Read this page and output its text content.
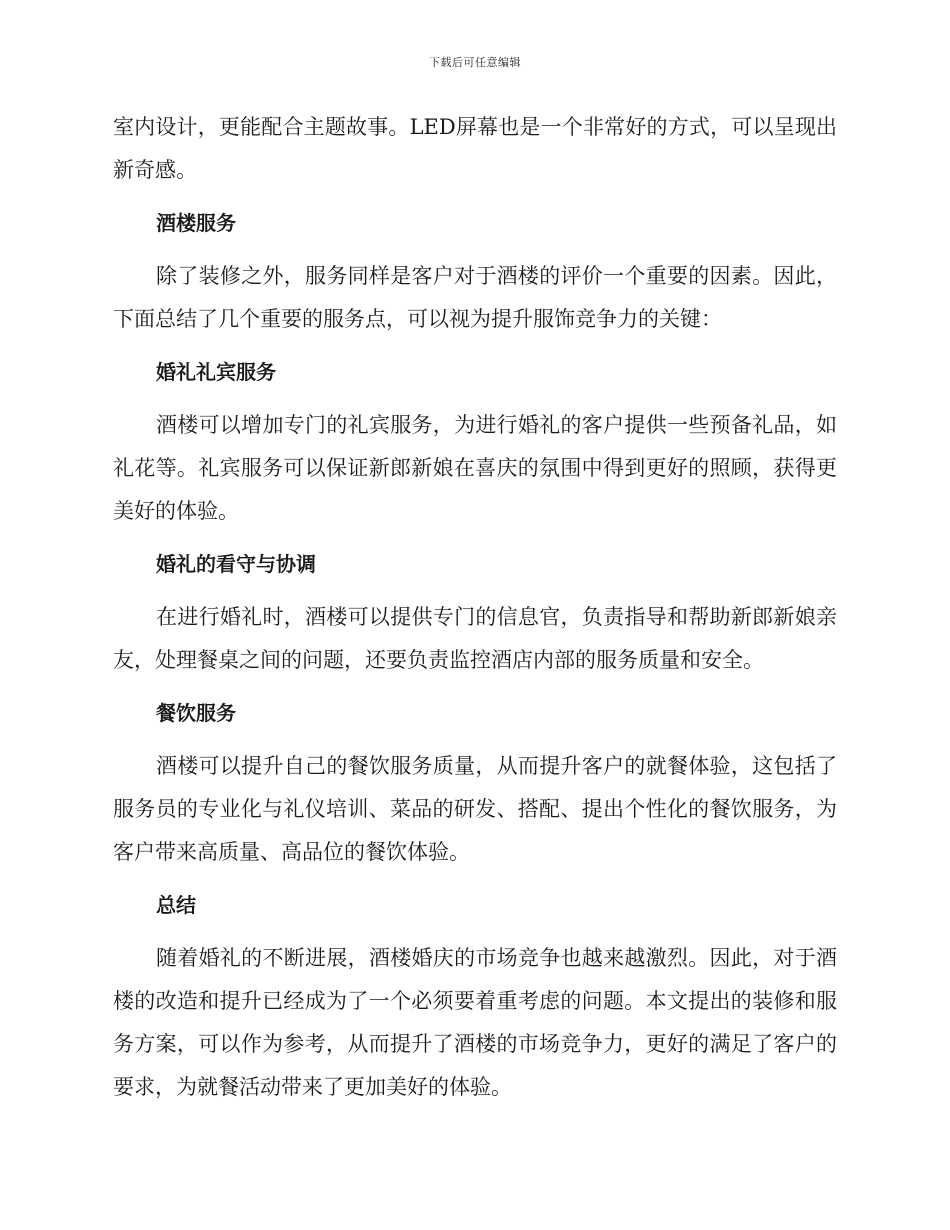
下载后可任意编辑

室内设计，更能配合主题故事。LED屏幕也是一个非常好的方式，可以呈现出新奇感。

酒楼服务

除了装修之外，服务同样是客户对于酒楼的评价一个重要的因素。因此，下面总结了几个重要的服务点，可以视为提升服饰竞争力的关键：

婚礼礼宾服务

酒楼可以增加专门的礼宾服务，为进行婚礼的客户提供一些预备礼品，如礼花等。礼宾服务可以保证新郎新娘在喜庆的氛围中得到更好的照顾，获得更美好的体验。

婚礼的看守与协调

在进行婚礼时，酒楼可以提供专门的信息官，负责指导和帮助新郎新娘亲友，处理餐桌之间的问题，还要负责监控酒店内部的服务质量和安全。

餐饮服务

酒楼可以提升自己的餐饮服务质量，从而提升客户的就餐体验，这包括了服务员的专业化与礼仪培训、菜品的研发、搭配、提出个性化的餐饮服务，为客户带来高质量、高品位的餐饮体验。

总结

随着婚礼的不断进展，酒楼婚庆的市场竞争也越来越激烈。因此，对于酒楼的改造和提升已经成为了一个必须要着重考虑的问题。本文提出的装修和服务方案，可以作为参考，从而提升了酒楼的市场竞争力，更好的满足了客户的要求，为就餐活动带来了更加美好的体验。
